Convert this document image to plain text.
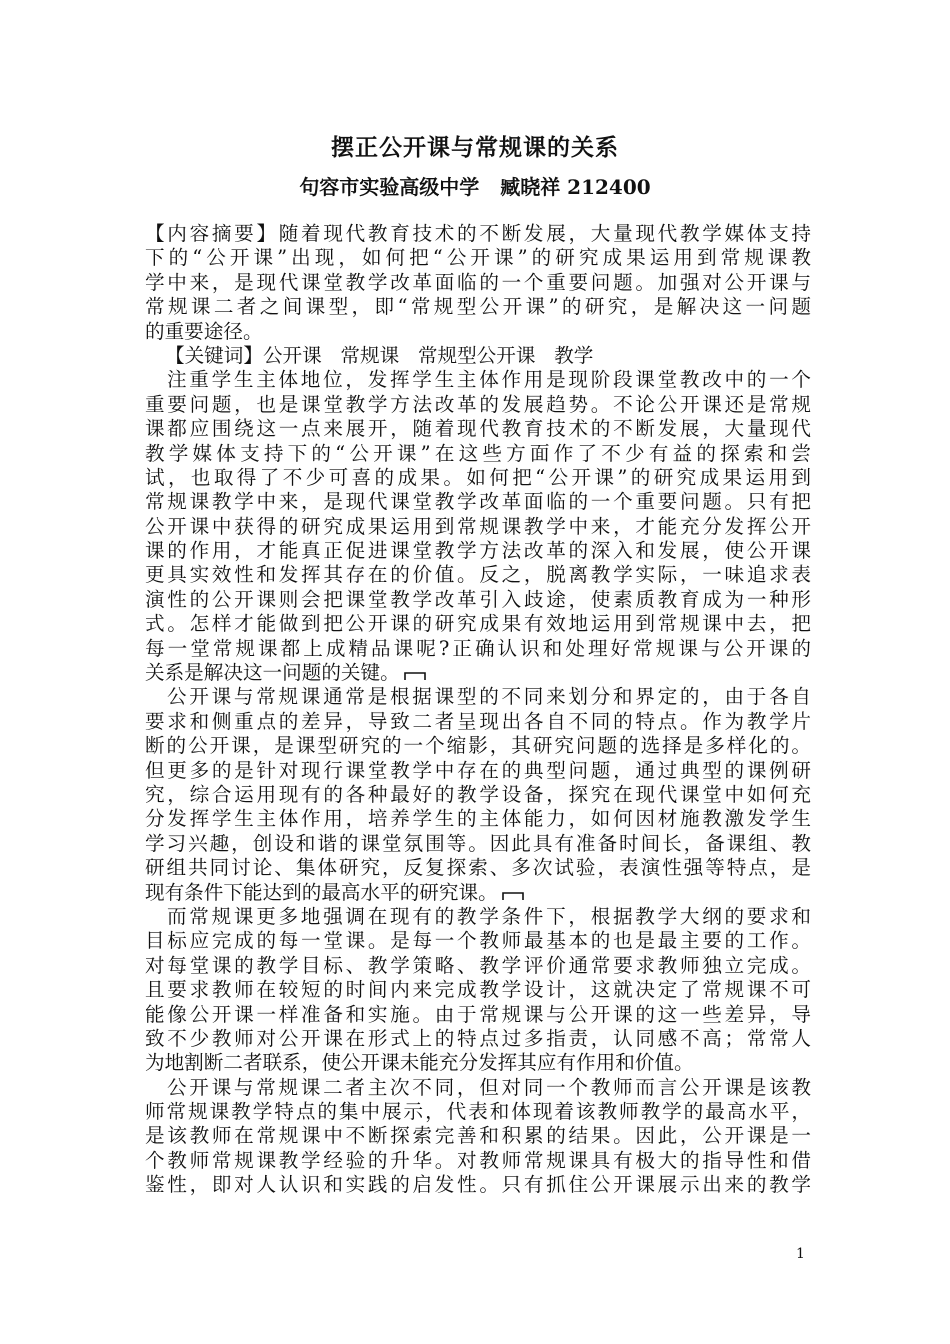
摆正公开课与常规课的关系
句容市实验高级中学   臧晓祥 212400
【内容摘要】随着现代教育技术的不断发展，大量现代教学媒体支持
下的“公开课”出现，如何把“公开课”的研究成果运用到常规课教
学中来，是现代课堂教学改革面临的一个重要问题。加强对公开课与
常规课二者之间课型，即“常规型公开课”的研究，是解决这一问题
的重要途径。
【关键词】公开课   常规课   常规型公开课   教学
注重学生主体地位，发挥学生主体作用是现阶段课堂教改中的一个
重要问题，也是课堂教学方法改革的发展趋势。不论公开课还是常规
课都应围绕这一点来展开，随着现代教育技术的不断发展，大量现代
教学媒体支持下的“公开课”在这些方面作了不少有益的探索和尝
试，也取得了不少可喜的成果。如何把“公开课”的研究成果运用到
常规课教学中来，是现代课堂教学改革面临的一个重要问题。只有把
公开课中获得的研究成果运用到常规课教学中来，才能充分发挥公开
课的作用，才能真正促进课堂教学方法改革的深入和发展，使公开课
更具实效性和发挥其存在的价值。反之，脱离教学实际，一味追求表
演性的公开课则会把课堂教学改革引入歧途，使素质教育成为一种形
式。怎样才能做到把公开课的研究成果有效地运用到常规课中去，把
每一堂常规课都上成精品课呢?正确认识和处理好常规课与公开课的
关系是解决这一问题的关键。
公开课与常规课通常是根据课型的不同来划分和界定的，由于各自
要求和侧重点的差异，导致二者呈现出各自不同的特点。作为教学片
断的公开课，是课型研究的一个缩影，其研究问题的选择是多样化的。
但更多的是针对现行课堂教学中存在的典型问题，通过典型的课例研
究，综合运用现有的各种最好的教学设备，探究在现代课堂中如何充
分发挥学生主体作用，培养学生的主体能力，如何因材施教激发学生
学习兴趣，创设和谐的课堂氛围等。因此具有准备时间长，备课组、教
研组共同讨论、集体研究，反复探索、多次试验，表演性强等特点，是
现有条件下能达到的最高水平的研究课。
而常规课更多地强调在现有的教学条件下，根据教学大纲的要求和
目标应完成的每一堂课。是每一个教师最基本的也是最主要的工作。
对每堂课的教学目标、教学策略、教学评价通常要求教师独立完成。
且要求教师在较短的时间内来完成教学设计，这就决定了常规课不可
能像公开课一样准备和实施。由于常规课与公开课的这一些差异，导
致不少教师对公开课在形式上的特点过多指责，认同感不高；常常人
为地割断二者联系，使公开课未能充分发挥其应有作用和价值。
公开课与常规课二者主次不同，但对同一个教师而言公开课是该教
师常规课教学特点的集中展示，代表和体现着该教师教学的最高水平，
是该教师在常规课中不断探索完善和积累的结果。因此，公开课是一
个教师常规课教学经验的升华。对教师常规课具有极大的指导性和借
鉴性，即对人认识和实践的启发性。只有抓住公开课展示出来的教学
1
